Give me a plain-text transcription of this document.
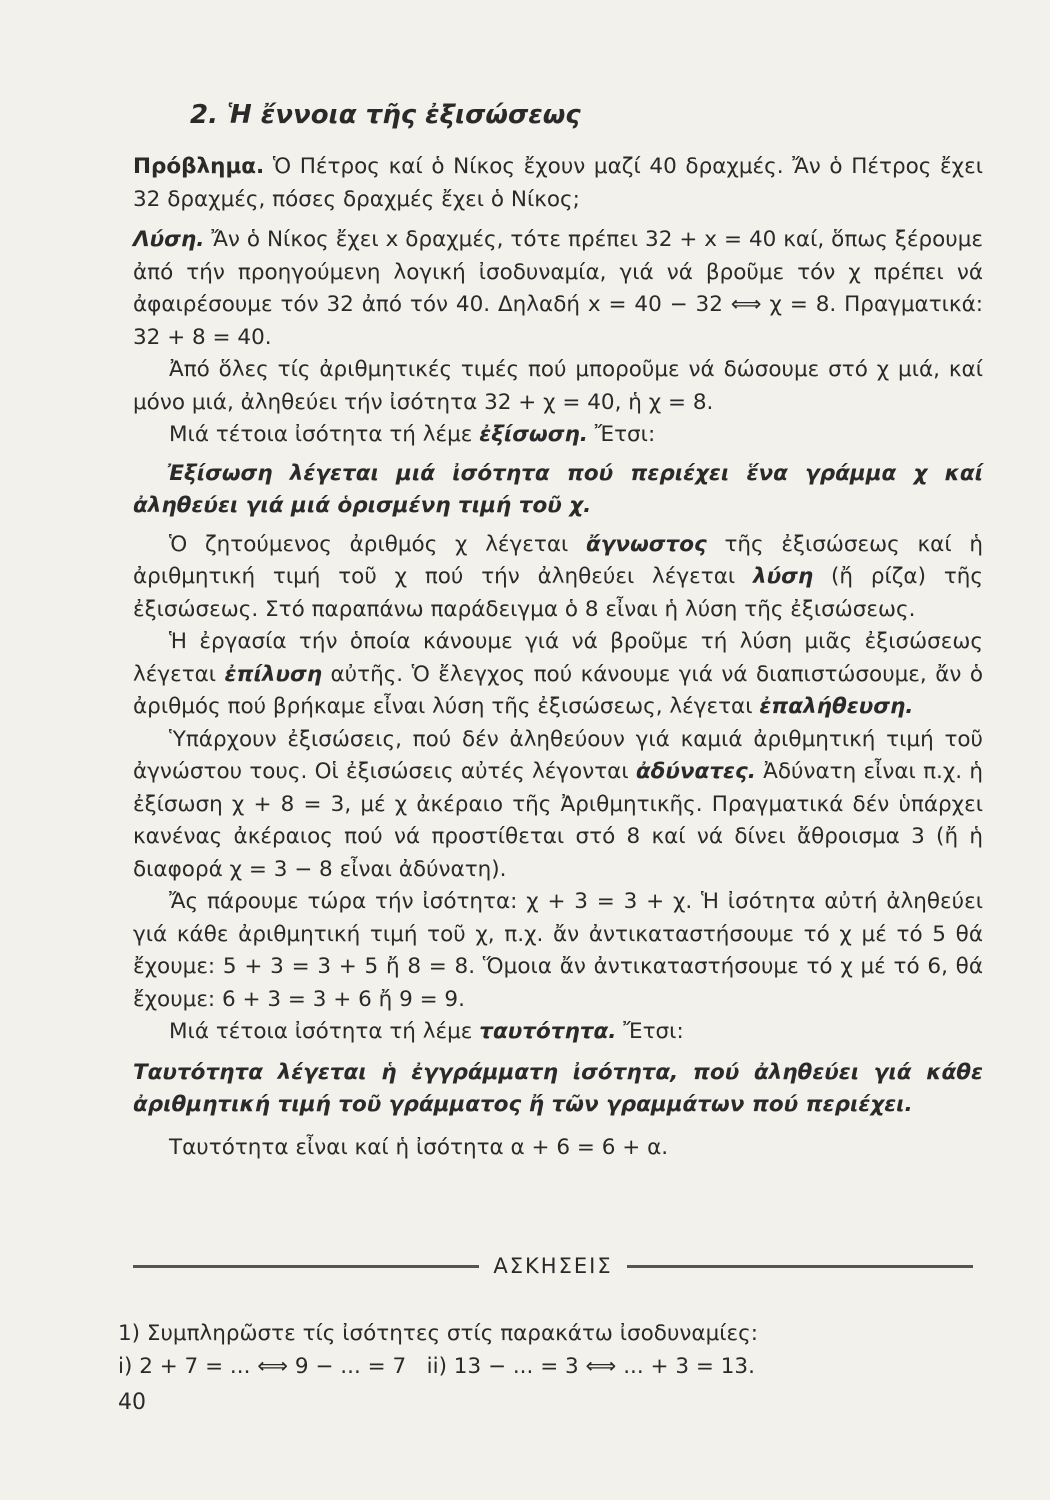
2. Ἡ ἔννοια τῆς ἐξισώσεως

Πρόβλημα. Ὁ Πέτρος καί ὁ Νίκος ἔχουν μαζί 40 δραχμές. Ἄν ὁ Πέτρος ἔχει 32 δραχμές, πόσες δραχμές ἔχει ὁ Νίκος;

Λύση. Ἄν ὁ Νίκος ἔχει x δραχμές, τότε πρέπει 32 + x = 40 καί, ὅπως ξέρουμε ἀπό τήν προηγούμενη λογική ἰσοδυναμία, γιά νά βροῦμε τόν χ πρέπει νά ἀφαιρέσουμε τόν 32 ἀπό τόν 40. Δηλαδή x = 40 − 32 ⟺ χ = 8. Πραγματικά: 32 + 8 = 40.

Ἀπό ὅλες τίς ἀριθμητικές τιμές πού μποροῦμε νά δώσουμε στό χ μιά, καί μόνο μιά, ἀληθεύει τήν ἰσότητα 32 + χ = 40, ἡ χ = 8.

Μιά τέτοια ἰσότητα τή λέμε ἐξίσωση. Ἔτσι:

Ἐξίσωση λέγεται μιά ἰσότητα πού περιέχει ἕνα γράμμα χ καί ἀληθεύει γιά μιά ὁρισμένη τιμή τοῦ χ.

Ὁ ζητούμενος ἀριθμός χ λέγεται ἄγνωστος τῆς ἐξισώσεως καί ἡ ἀριθμητική τιμή τοῦ χ πού τήν ἀληθεύει λέγεται λύση (ἤ ρίζα) τῆς ἐξισώσεως. Στό παραπάνω παράδειγμα ὁ 8 εἶναι ἡ λύση τῆς ἐξισώσεως.

Ἡ ἐργασία τήν ὁποία κάνουμε γιά νά βροῦμε τή λύση μιᾶς ἐξισώσεως λέγεται ἐπίλυση αὐτῆς. Ὁ ἔλεγχος πού κάνουμε γιά νά διαπιστώσουμε, ἄν ὁ ἀριθμός πού βρήκαμε εἶναι λύση τῆς ἐξισώσεως, λέγεται ἐπαλήθευση.

Ὑπάρχουν ἐξισώσεις, πού δέν ἀληθεύουν γιά καμιά ἀριθμητική τιμή τοῦ ἀγνώστου τους. Οἱ ἐξισώσεις αὐτές λέγονται ἀδύνατες. Ἀδύνατη εἶναι π.χ. ἡ ἐξίσωση χ + 8 = 3, μέ χ ἀκέραιο τῆς Ἀριθμητικῆς. Πραγματικά δέν ὑπάρχει κανένας ἀκέραιος πού νά προστίθεται στό 8 καί νά δίνει ἄθροισμα 3 (ἤ ἡ διαφορά χ = 3 − 8 εἶναι ἀδύνατη).

Ἄς πάρουμε τώρα τήν ἰσότητα: χ + 3 = 3 + χ. Ἡ ἰσότητα αὐτή ἀληθεύει γιά κάθε ἀριθμητική τιμή τοῦ χ, π.χ. ἄν ἀντικαταστήσουμε τό χ μέ τό 5 θά ἔχουμε: 5 + 3 = 3 + 5 ἤ 8 = 8. Ὅμοια ἄν ἀντικαταστήσουμε τό χ μέ τό 6, θά ἔχουμε: 6 + 3 = 3 + 6 ἤ 9 = 9.

Μιά τέτοια ἰσότητα τή λέμε ταυτότητα. Ἔτσι:

Ταυτότητα λέγεται ἡ ἐγγράμματη ἰσότητα, πού ἀληθεύει γιά κάθε ἀριθμητική τιμή τοῦ γράμματος ἤ τῶν γραμμάτων πού περιέχει.

Ταυτότητα εἶναι καί ἡ ἰσότητα α + 6 = 6 + α.

ΑΣΚΗΣΕΙΣ

1) Συμπληρῶστε τίς ἰσότητες στίς παρακάτω ἰσοδυναμίες:

i) 2 + 7 = ... ⟺ 9 − ... = 7   ii) 13 − ... = 3 ⟺ ... + 3 = 13.

40
